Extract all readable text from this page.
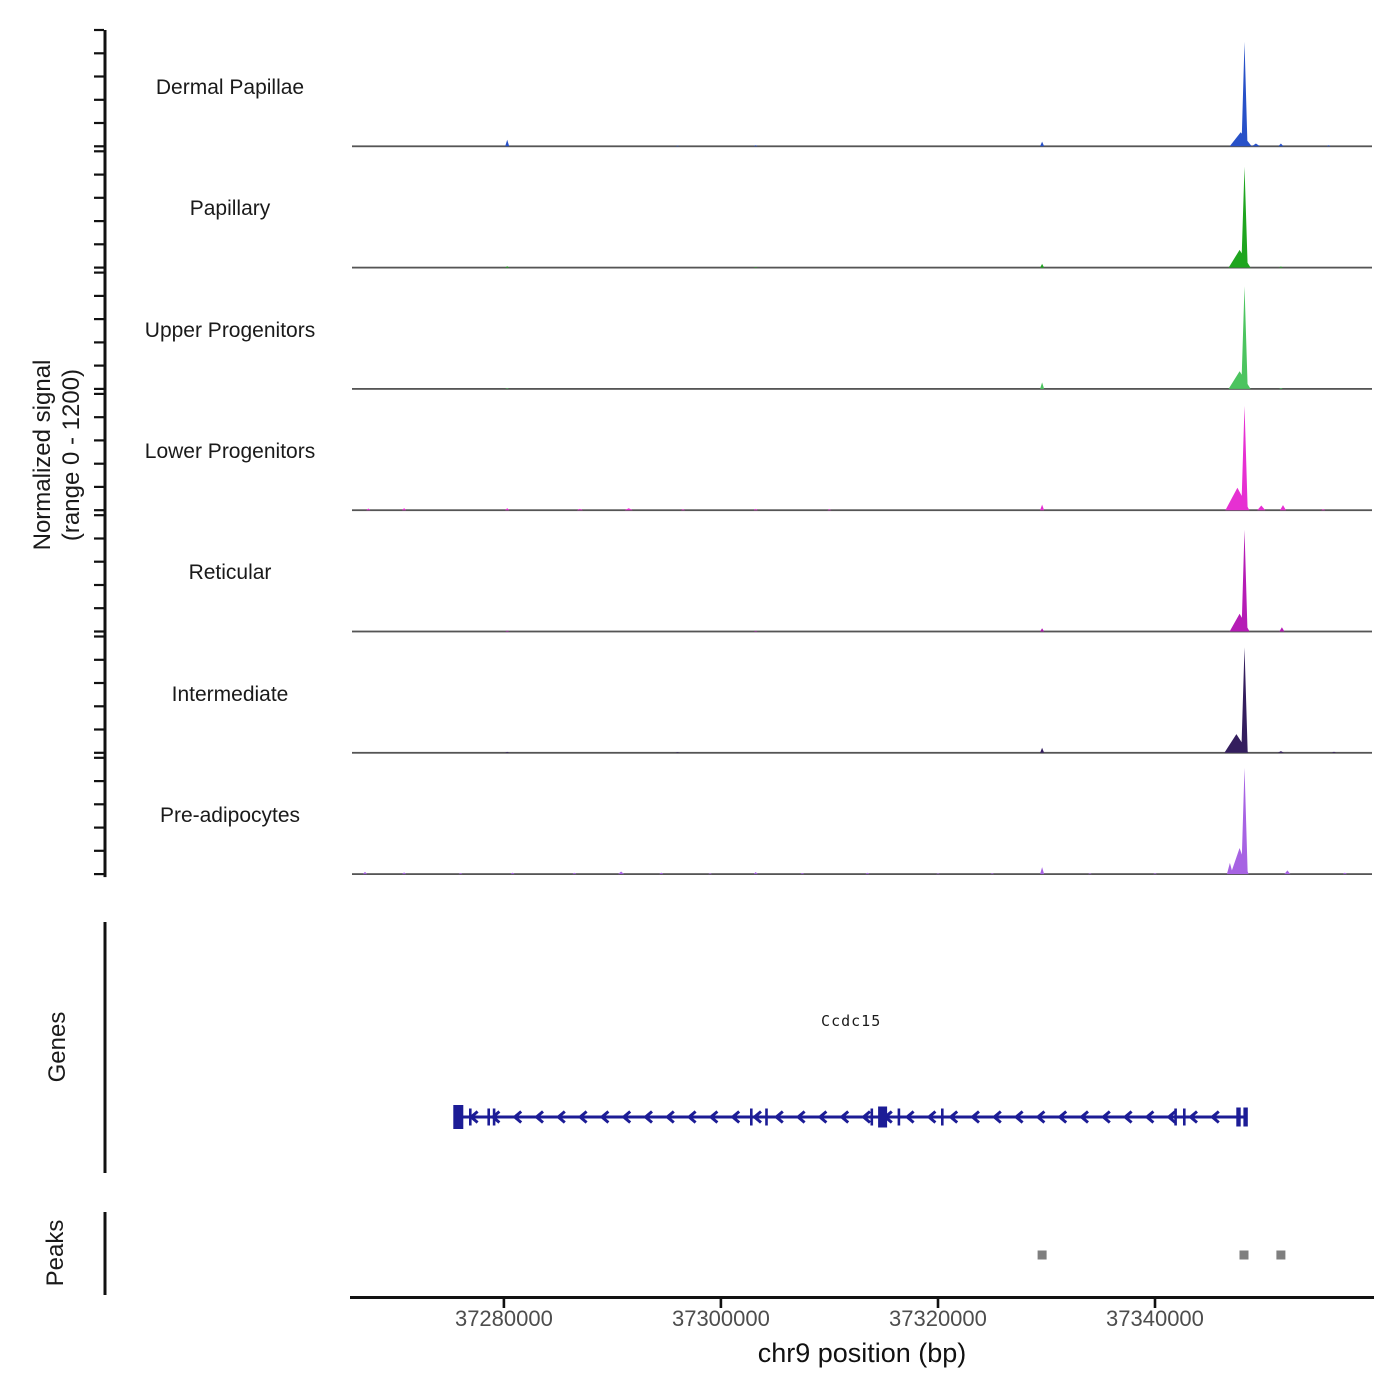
Dermal Papillae
Papillary
Upper Progenitors
Lower Progenitors
Reticular
Intermediate
Pre-adipocytes
Normalized signal (range 0 - 1200)
Genes
Peaks
Ccdc15
37280000	37300000	37320000	37340000
chr9 position (bp)
